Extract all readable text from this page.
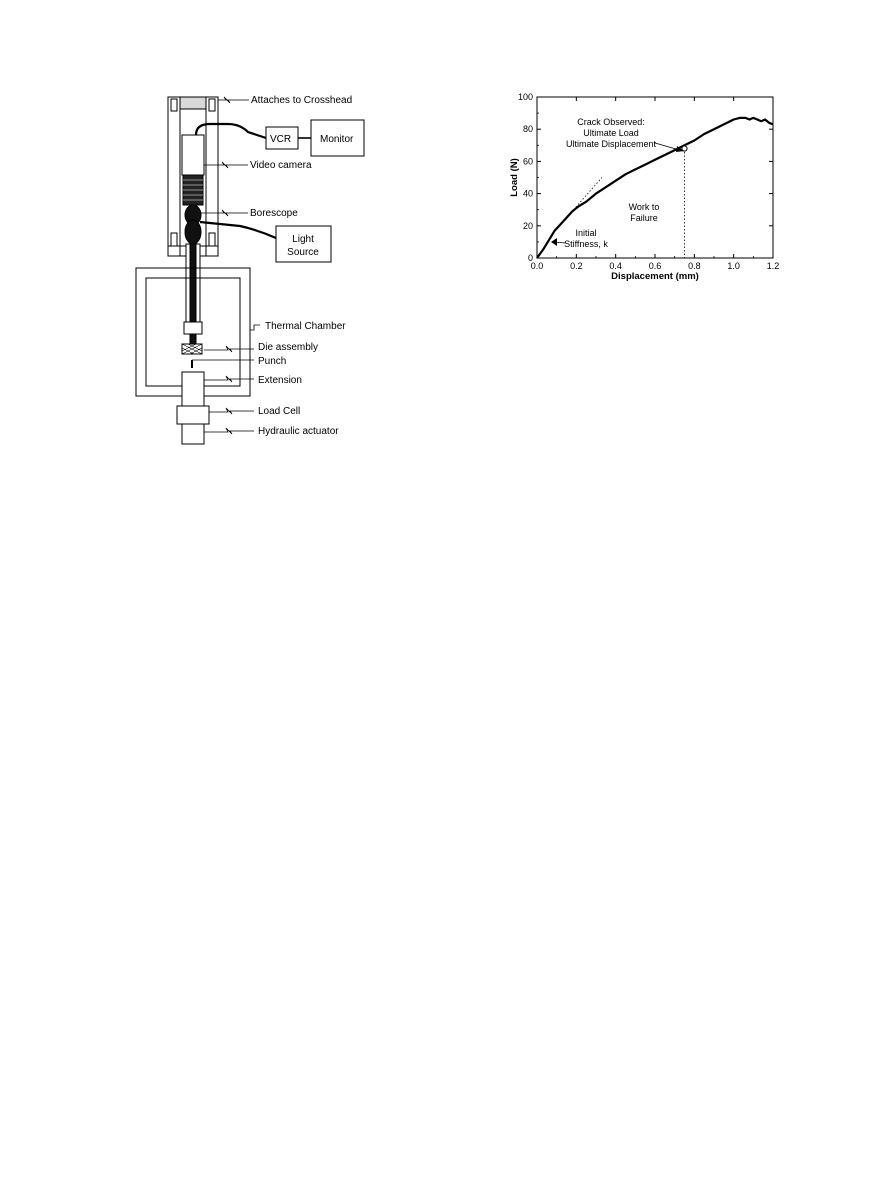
Attaches to Crosshead
VCR	Monitor
Video camera
Borescope
Light
Source
Thermal Chamber
Die assembly
Punch
Extension
Load Cell
Hydraulic actuator
Displacement (mm)
Load (N)
0.0	0.2	0.4	0.6	0.8	1.0	1.2
0
20
40
60
80
100
Crack Observed:
Ultimate Load
Ultimate Displacement
Work to
Failure
Initial
Stiffness, k
